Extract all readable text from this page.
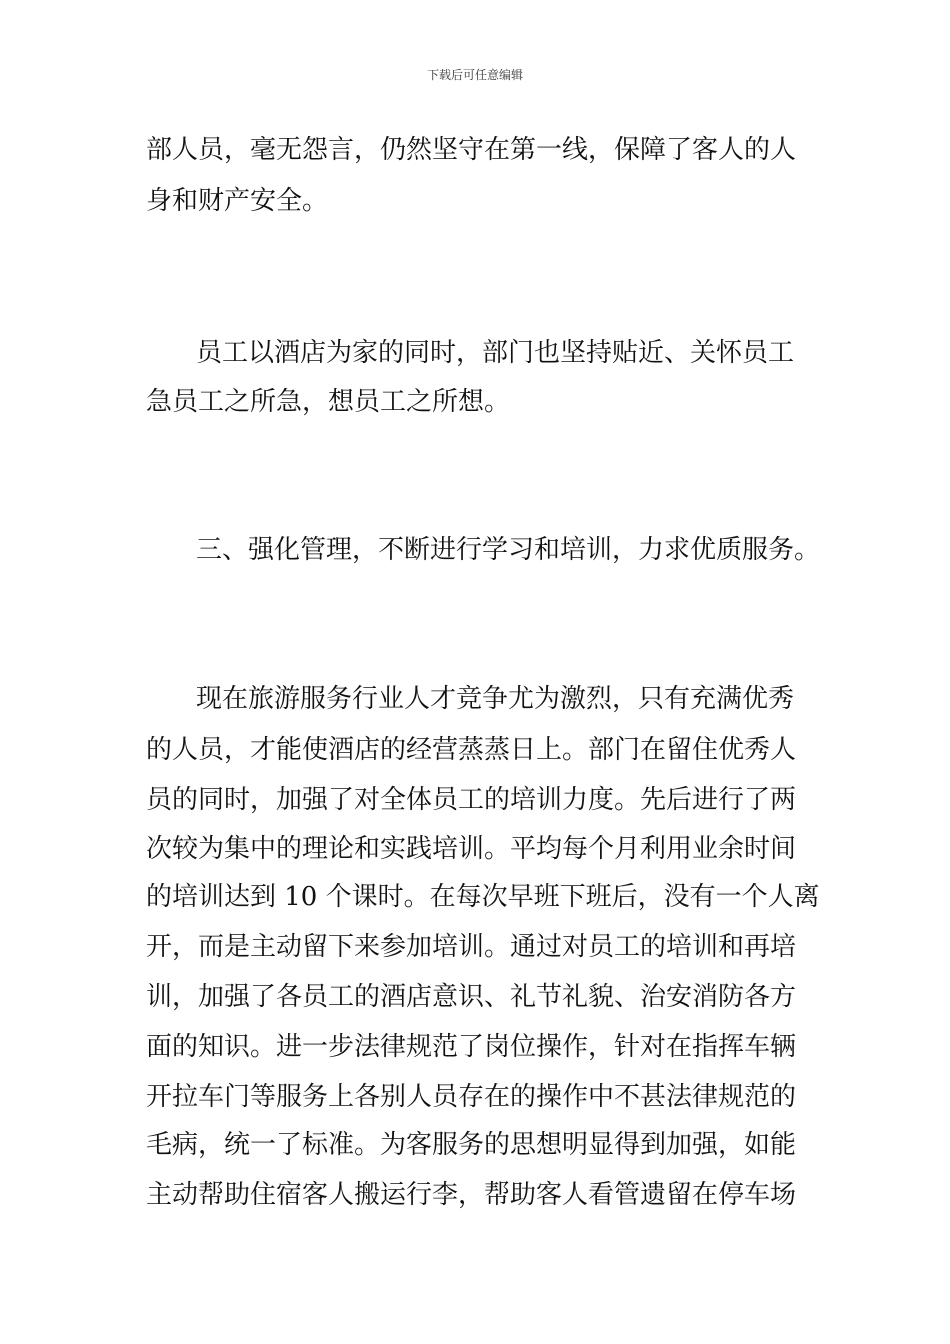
下载后可任意编辑
部人员，毫无怨言，仍然坚守在第一线，保障了客人的人
身和财产安全。
员工以酒店为家的同时，部门也坚持贴近、关怀员工
急员工之所急，想员工之所想。
三、强化管理，不断进行学习和培训，力求优质服务。
现在旅游服务行业人才竞争尤为激烈，只有充满优秀
的人员，才能使酒店的经营蒸蒸日上。部门在留住优秀人
员的同时，加强了对全体员工的培训力度。先后进行了两
次较为集中的理论和实践培训。平均每个月利用业余时间
的培训达到 10 个课时。在每次早班下班后，没有一个人离
开，而是主动留下来参加培训。通过对员工的培训和再培
训，加强了各员工的酒店意识、礼节礼貌、治安消防各方
面的知识。进一步法律规范了岗位操作，针对在指挥车辆
开拉车门等服务上各别人员存在的操作中不甚法律规范的
毛病，统一了标准。为客服务的思想明显得到加强，如能
主动帮助住宿客人搬运行李，帮助客人看管遗留在停车场
